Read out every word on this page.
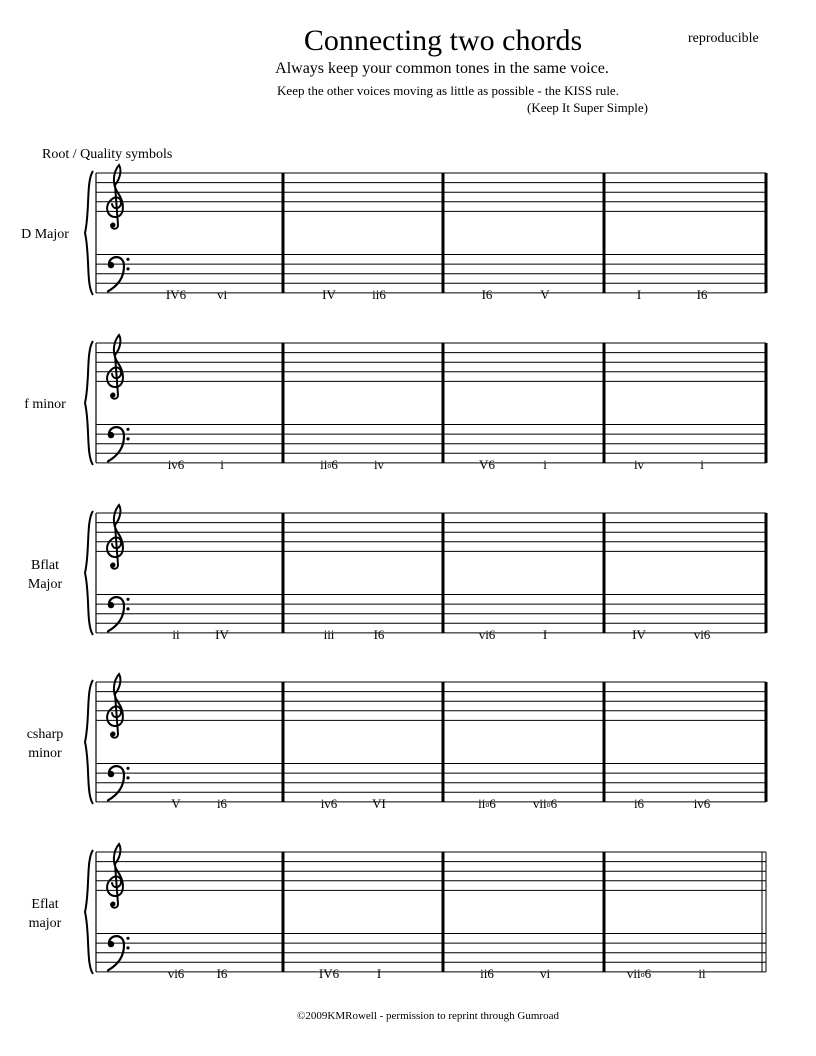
Connecting two chords	reproducible
Always keep your common tones in the same voice.
Keep the other voices moving as little as possible - the KISS rule.
(Keep It Super Simple)
Root / Quality symbols
D Major
IV6 vi	IV	ii6	I6	V	I	I6
f minor
iv6	i	iio6	iv	V6	i	iv	i
Bflat
Major
ii	IV	iii	I6	vi6	I	IV	vi6
csharp
minor
V	i6	iv6	VI	iio6	viio6	i6	iv6
Eflat
major
vi6 I6	IV6	I	ii6	vi	viio6	ii
©2009KMRowell - permission to reprint through Gumroad
